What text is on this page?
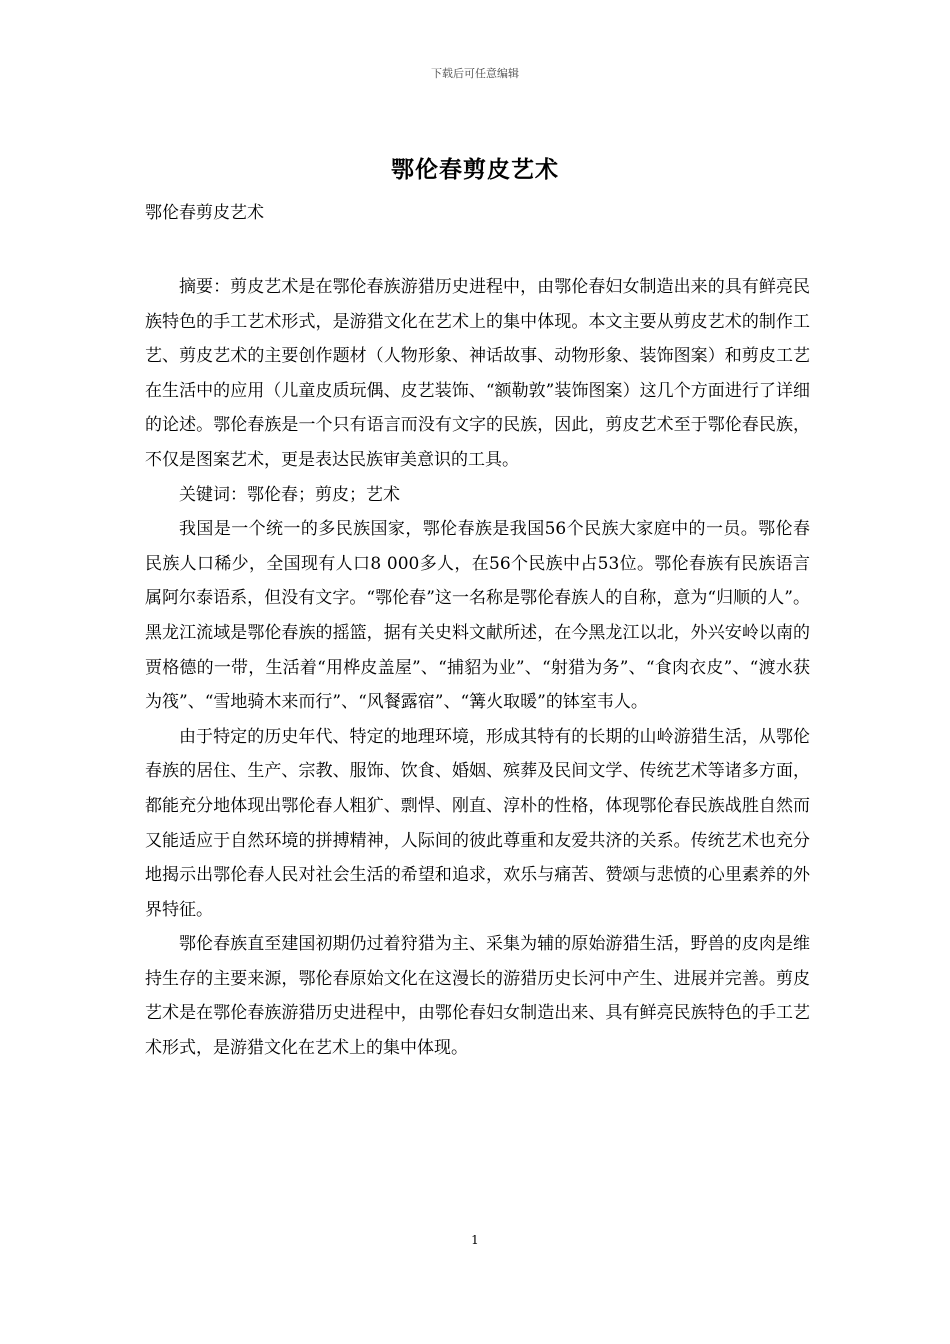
下载后可任意编辑
鄂伦春剪皮艺术
鄂伦春剪皮艺术

摘要：剪皮艺术是在鄂伦春族游猎历史进程中，由鄂伦春妇女制造出来的具有鲜亮民族特色的手工艺术形式，是游猎文化在艺术上的集中体现。本文主要从剪皮艺术的制作工艺、剪皮艺术的主要创作题材（人物形象、神话故事、动物形象、装饰图案）和剪皮工艺在生活中的应用（儿童皮质玩偶、皮艺装饰、“额勒敦”装饰图案）这几个方面进行了详细的论述。鄂伦春族是一个只有语言而没有文字的民族，因此，剪皮艺术至于鄂伦春民族，不仅是图案艺术，更是表达民族审美意识的工具。

关键词：鄂伦春；剪皮；艺术

我国是一个统一的多民族国家，鄂伦春族是我国56个民族大家庭中的一员。鄂伦春民族人口稀少，全国现有人口8 000多人，在56个民族中占53位。鄂伦春族有民族语言属阿尔泰语系，但没有文字。“鄂伦春”这一名称是鄂伦春族人的自称，意为“归顺的人”。黑龙江流域是鄂伦春族的摇篮，据有关史料文献所述，在今黑龙江以北，外兴安岭以南的贾格德的一带，生活着“用桦皮盖屋”、“捕貂为业”、“射猎为务”、“食肉衣皮”、“渡水获为筏”、“雪地骑木来而行”、“风餐露宿”、“篝火取暖”的钵室韦人。

由于特定的历史年代、特定的地理环境，形成其特有的长期的山岭游猎生活，从鄂伦春族的居住、生产、宗教、服饰、饮食、婚姻、殡葬及民间文学、传统艺术等诸多方面，都能充分地体现出鄂伦春人粗犷、剽悍、刚直、淳朴的性格，体现鄂伦春民族战胜自然而又能适应于自然环境的拼搏精神，人际间的彼此尊重和友爱共济的关系。传统艺术也充分地揭示出鄂伦春人民对社会生活的希望和追求，欢乐与痛苦、赞颂与悲愤的心里素养的外界特征。

鄂伦春族直至建国初期仍过着狩猎为主、采集为辅的原始游猎生活，野兽的皮肉是维持生存的主要来源，鄂伦春原始文化在这漫长的游猎历史长河中产生、进展并完善。剪皮艺术是在鄂伦春族游猎历史进程中，由鄂伦春妇女制造出来、具有鲜亮民族特色的手工艺术形式，是游猎文化在艺术上的集中体现。

1
